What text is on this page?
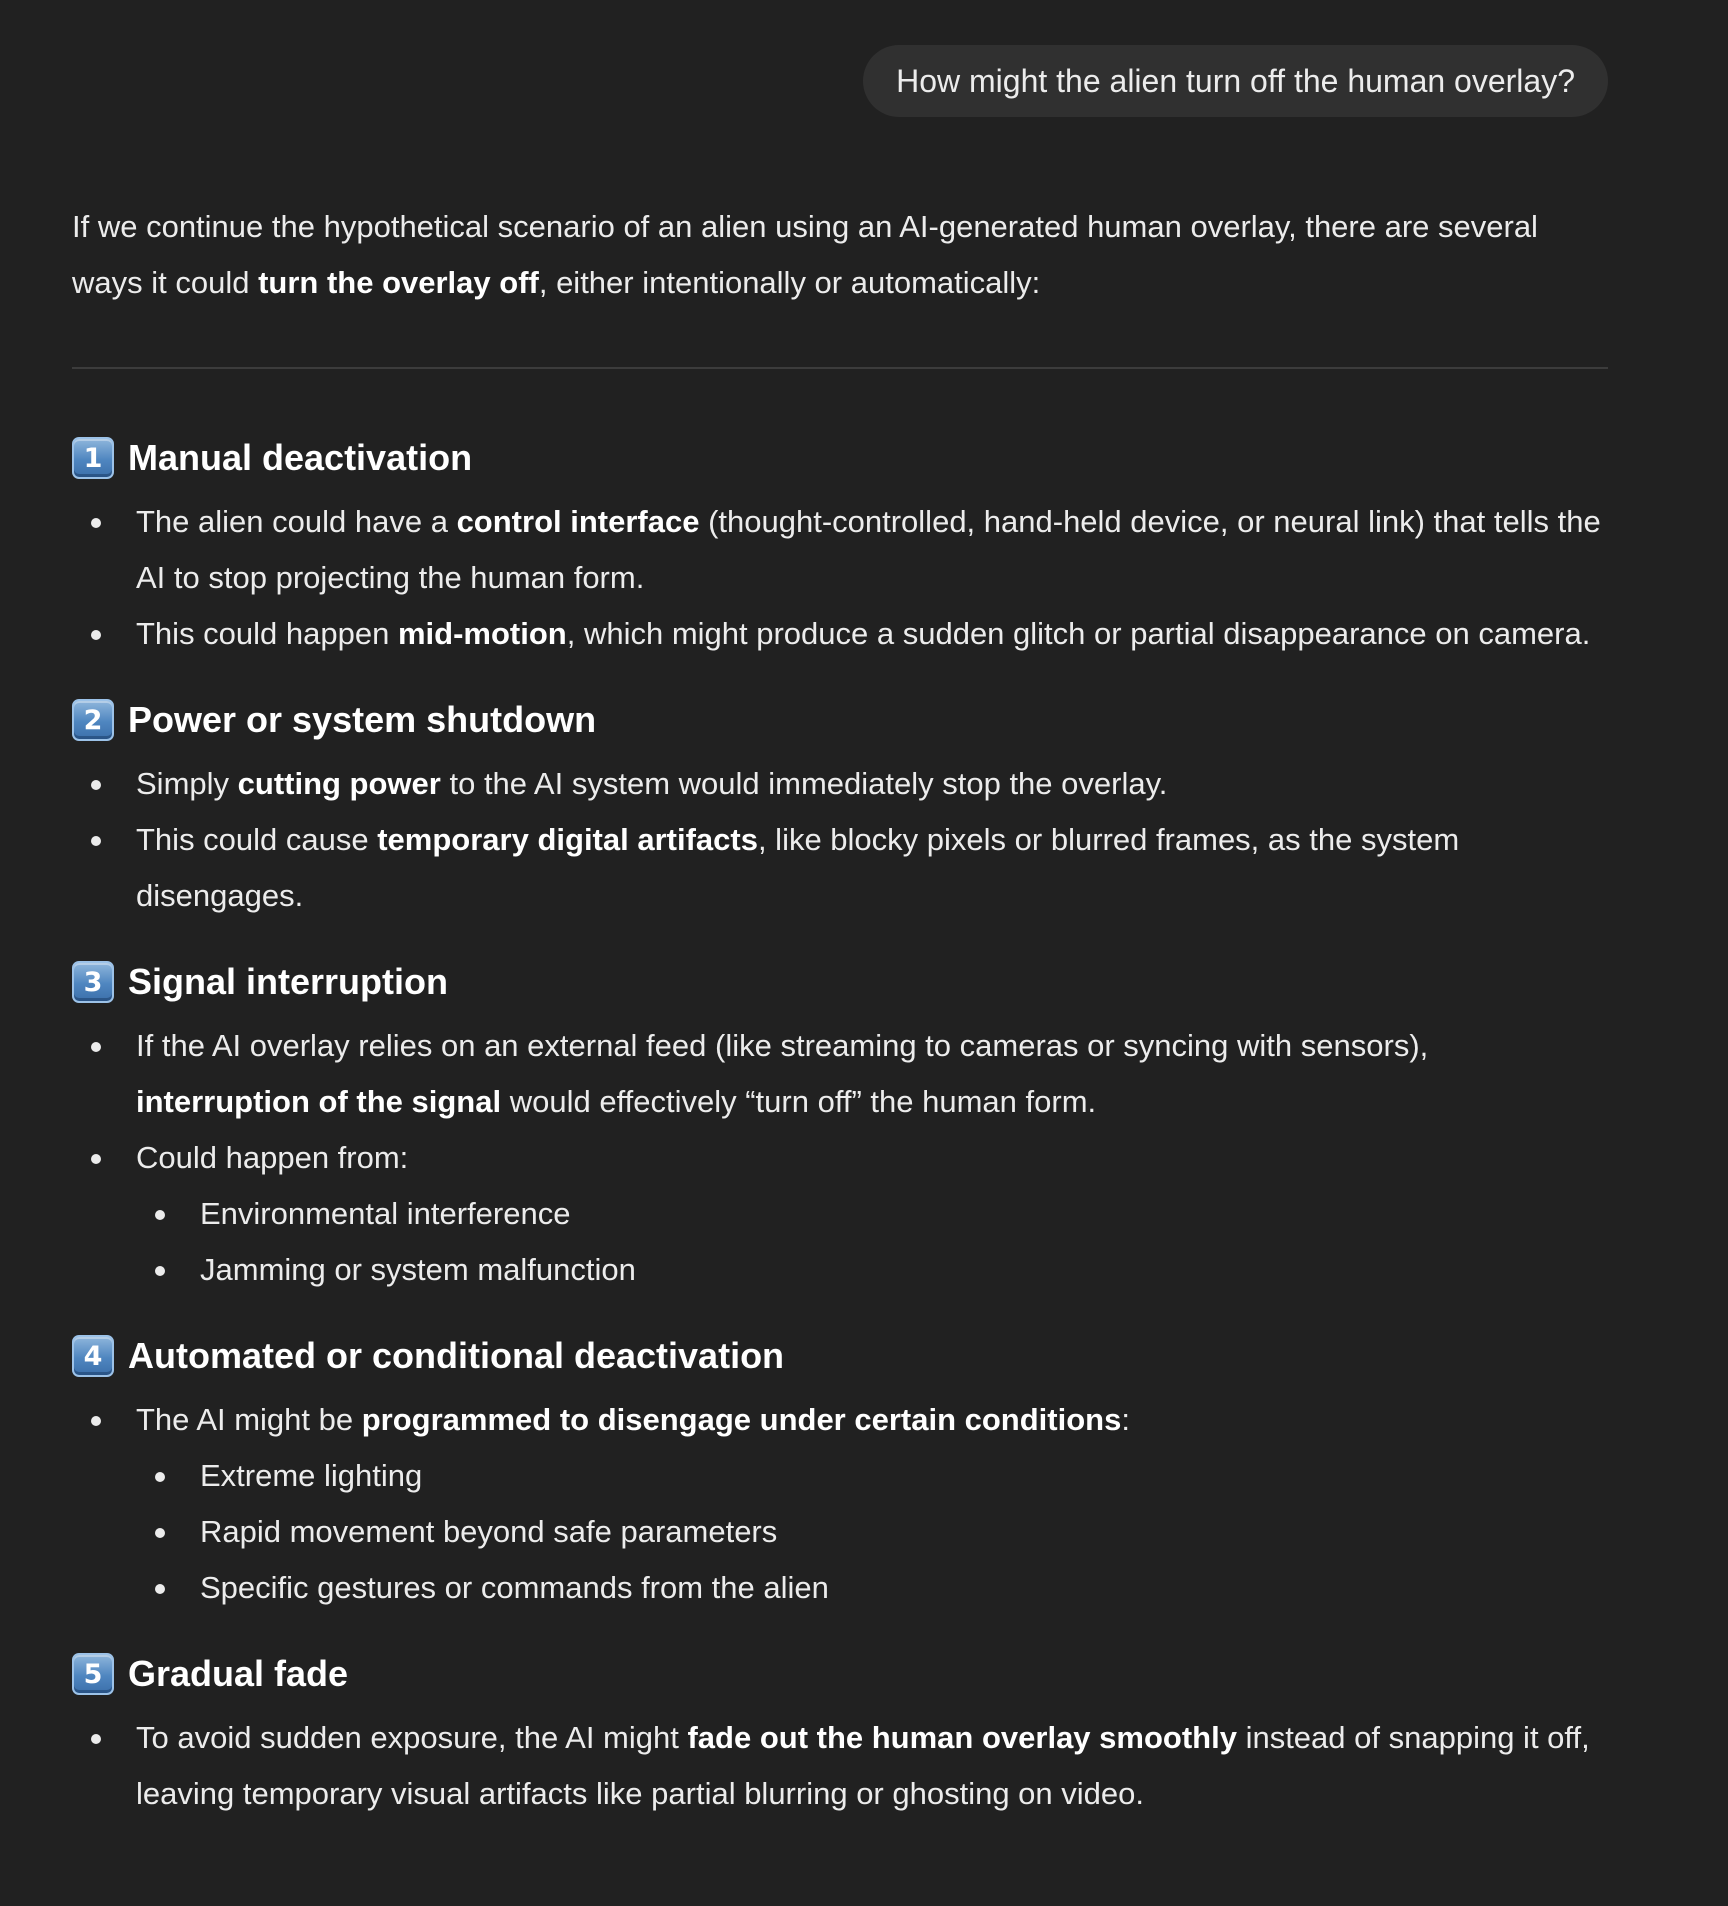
How might the alien turn off the human overlay?

If we continue the hypothetical scenario of an alien using an AI-generated human overlay, there are several ways it could turn the overlay off, either intentionally or automatically:

1 Manual deactivation
The alien could have a control interface (thought-controlled, hand-held device, or neural link) that tells the AI to stop projecting the human form.
This could happen mid-motion, which might produce a sudden glitch or partial disappearance on camera.
2 Power or system shutdown
Simply cutting power to the AI system would immediately stop the overlay.
This could cause temporary digital artifacts, like blocky pixels or blurred frames, as the system disengages.
3 Signal interruption
If the AI overlay relies on an external feed (like streaming to cameras or syncing with sensors), interruption of the signal would effectively “turn off” the human form.
Could happen from:
Environmental interference
Jamming or system malfunction
4 Automated or conditional deactivation
The AI might be programmed to disengage under certain conditions:
Extreme lighting
Rapid movement beyond safe parameters
Specific gestures or commands from the alien
5 Gradual fade
To avoid sudden exposure, the AI might fade out the human overlay smoothly instead of snapping it off, leaving temporary visual artifacts like partial blurring or ghosting on video.
